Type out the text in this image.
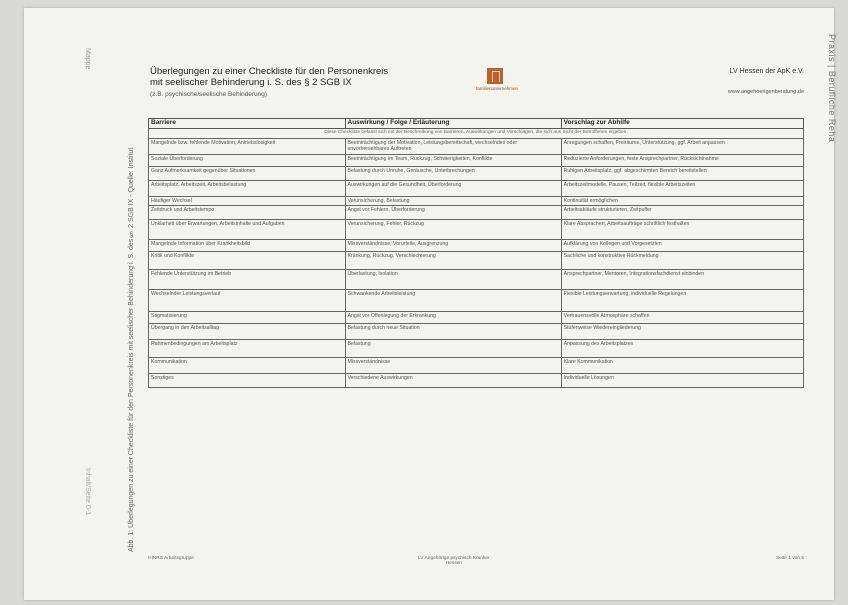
Mappe
Inhalt/Seite 0-1	Abb. 1: Überlegungen zu einer Checkliste für den Personenkreis mit seelischer Behinderung i. S. des § 2 SGB IX - Quelle: Institut
Praxis | Berufliche Reha
Überlegungen zu einer Checkliste für den Personenkreis
mit seelischer Behinderung i. S. des § 2 SGB IX
(z.B. psychische/seelische Behinderung)
familienunternehmen
LV Hessen der ApK e.V.
www.angehoerigenberatung.de
Barriere	Auswirkung / Folge / Erläuterung	Vorschlag zur Abhilfe
Diese Checkliste befasst sich mit der Beschreibung von Barrieren, Auswirkungen und Vorschlägen, die sich aus Sicht der Betroffenen ergeben.		
Mangelnde bzw. fehlende Motivation, Antriebslosigkeit	Beeinträchtigung der Motivation, Leistungsbereitschaft, wechselndes oder unvorhersehbares Auftreten	Anregungen schaffen, Freiräume, Unterstützung, ggf. Arbeit anpassen
Soziale Überforderung	Beeinträchtigung im Team, Rückzug, Schwierigkeiten, Konflikte	Reduzierte Anforderungen, feste Ansprechpartner, Rücksichtnahme
Ganz Aufmerksamkeit gegenüber Situationen	Belastung durch Unruhe, Geräusche, Unterbrechungen	Ruhigen Arbeitsplatz, ggf. abgeschirmten Bereich bereitstellen
Arbeitsplatz, Arbeitszeit, Arbeitsbelastung	Auswirkungen auf die Gesundheit, Überforderung	Arbeitszeitmodelle, Pausen, Teilzeit, flexible Arbeitszeiten
Häufiger Wechsel	Verunsicherung, Belastung	Kontinuität ermöglichen
Zeitdruck und Arbeitstempo	Angst vor Fehlern, Überforderung	Arbeitsabläufe strukturieren, Zeitpuffer
Unklarheit über Erwartungen, Arbeitsinhalte und Aufgaben	Verunsicherung, Fehler, Rückzug	Klare Absprachen, Arbeitsaufträge schriftlich festhalten
Mangelnde Information über Krankheitsbild	Missverständnisse, Vorurteile, Ausgrenzung	Aufklärung von Kollegen und Vorgesetzten
Kritik und Konflikte	Kränkung, Rückzug, Verschlechterung	Sachliche und konstruktive Rückmeldung
Fehlende Unterstützung im Betrieb	Überlastung, Isolation	Ansprechpartner, Mentoren, Integrationsfachdienst einbinden
Wechselnder Leistungsverlauf	Schwankende Arbeitsleistung	Flexible Leistungserwartung, individuelle Regelungen
Stigmatisierung	Angst vor Offenlegung der Erkrankung	Vertrauensvolle Atmosphäre schaffen
Übergang in den Arbeitsalltag	Belastung durch neue Situation	Stufenweise Wiedereingliederung
Rahmenbedingungen am Arbeitsplatz	Belastung	Anpassung des Arbeitsplatzes
Kommunikation	Missverständnisse	Klare Kommunikation
Sonstiges	Verschiedene Auswirkungen	Individuelle Lösungen
IHNRS Arbeitsgruppe	LV Angehörige psychisch Kranker
Hessen
Seite 1 von 5
